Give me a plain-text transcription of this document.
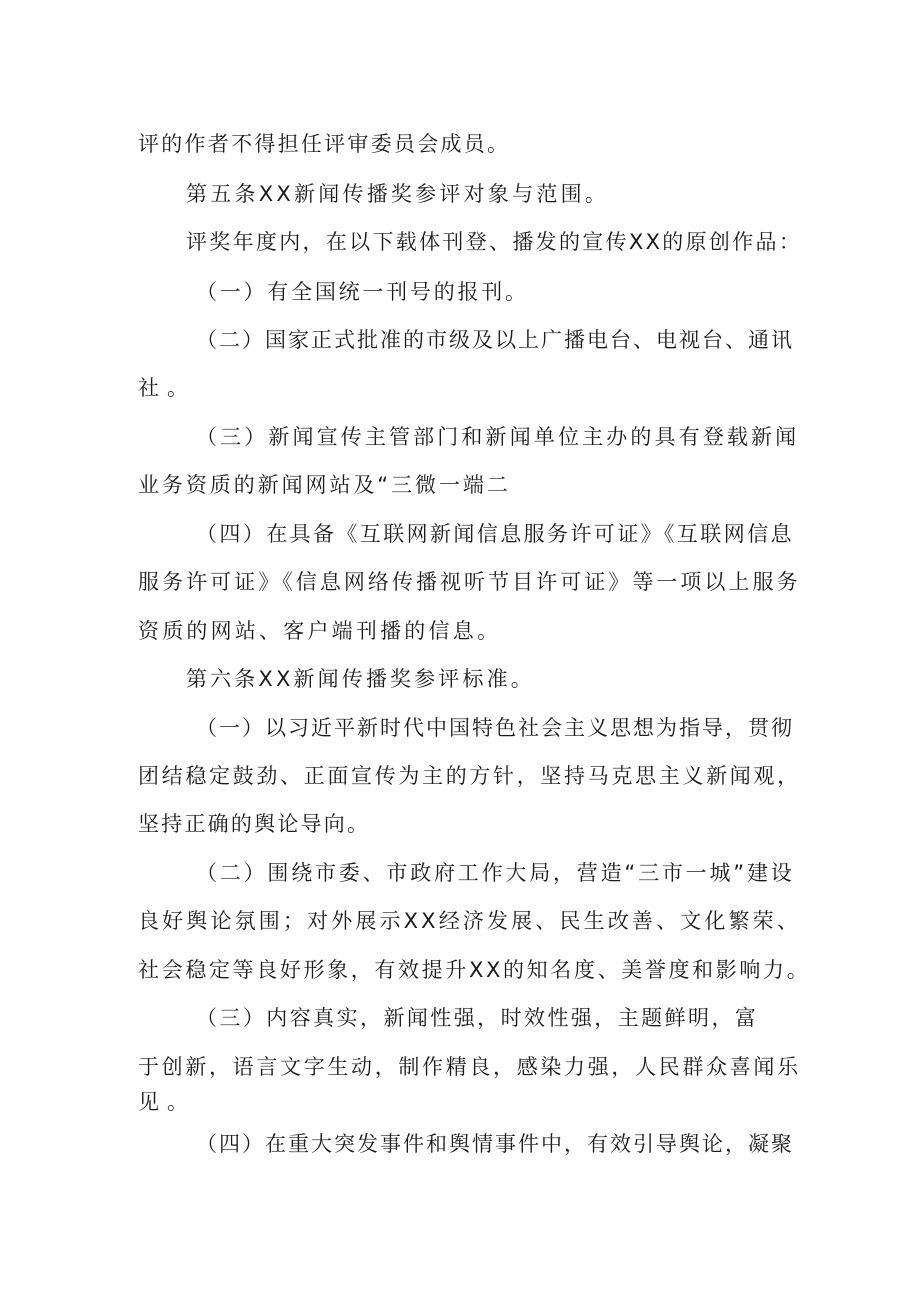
评的作者不得担任评审委员会成员。
第五条XX新闻传播奖参评对象与范围。
评奖年度内，在以下载体刊登、播发的宣传XX的原创作品：
（一）有全国统一刊号的报刊。
（二）国家正式批准的市级及以上广播电台、电视台、通讯
社。
（三）新闻宣传主管部门和新闻单位主办的具有登载新闻
业务资质的新闻网站及“三微一端二
（四）在具备《互联网新闻信息服务许可证》《互联网信息
服务许可证》《信息网络传播视听节目许可证》等一项以上服务
资质的网站、客户端刊播的信息。
第六条XX新闻传播奖参评标准。
（一）以习近平新时代中国特色社会主义思想为指导，贯彻
团结稳定鼓劲、正面宣传为主的方针，坚持马克思主义新闻观，
坚持正确的舆论导向。
（二）围绕市委、市政府工作大局，营造“三市一城”建设
良好舆论氛围；对外展示XX经济发展、民生改善、文化繁荣、
社会稳定等良好形象，有效提升XX的知名度、美誉度和影响力。
（三）内容真实，新闻性强，时效性强，主题鲜明，富
于创新，语言文字生动，制作精良，感染力强，人民群众喜闻乐
见。
（四）在重大突发事件和舆情事件中，有效引导舆论，凝聚
